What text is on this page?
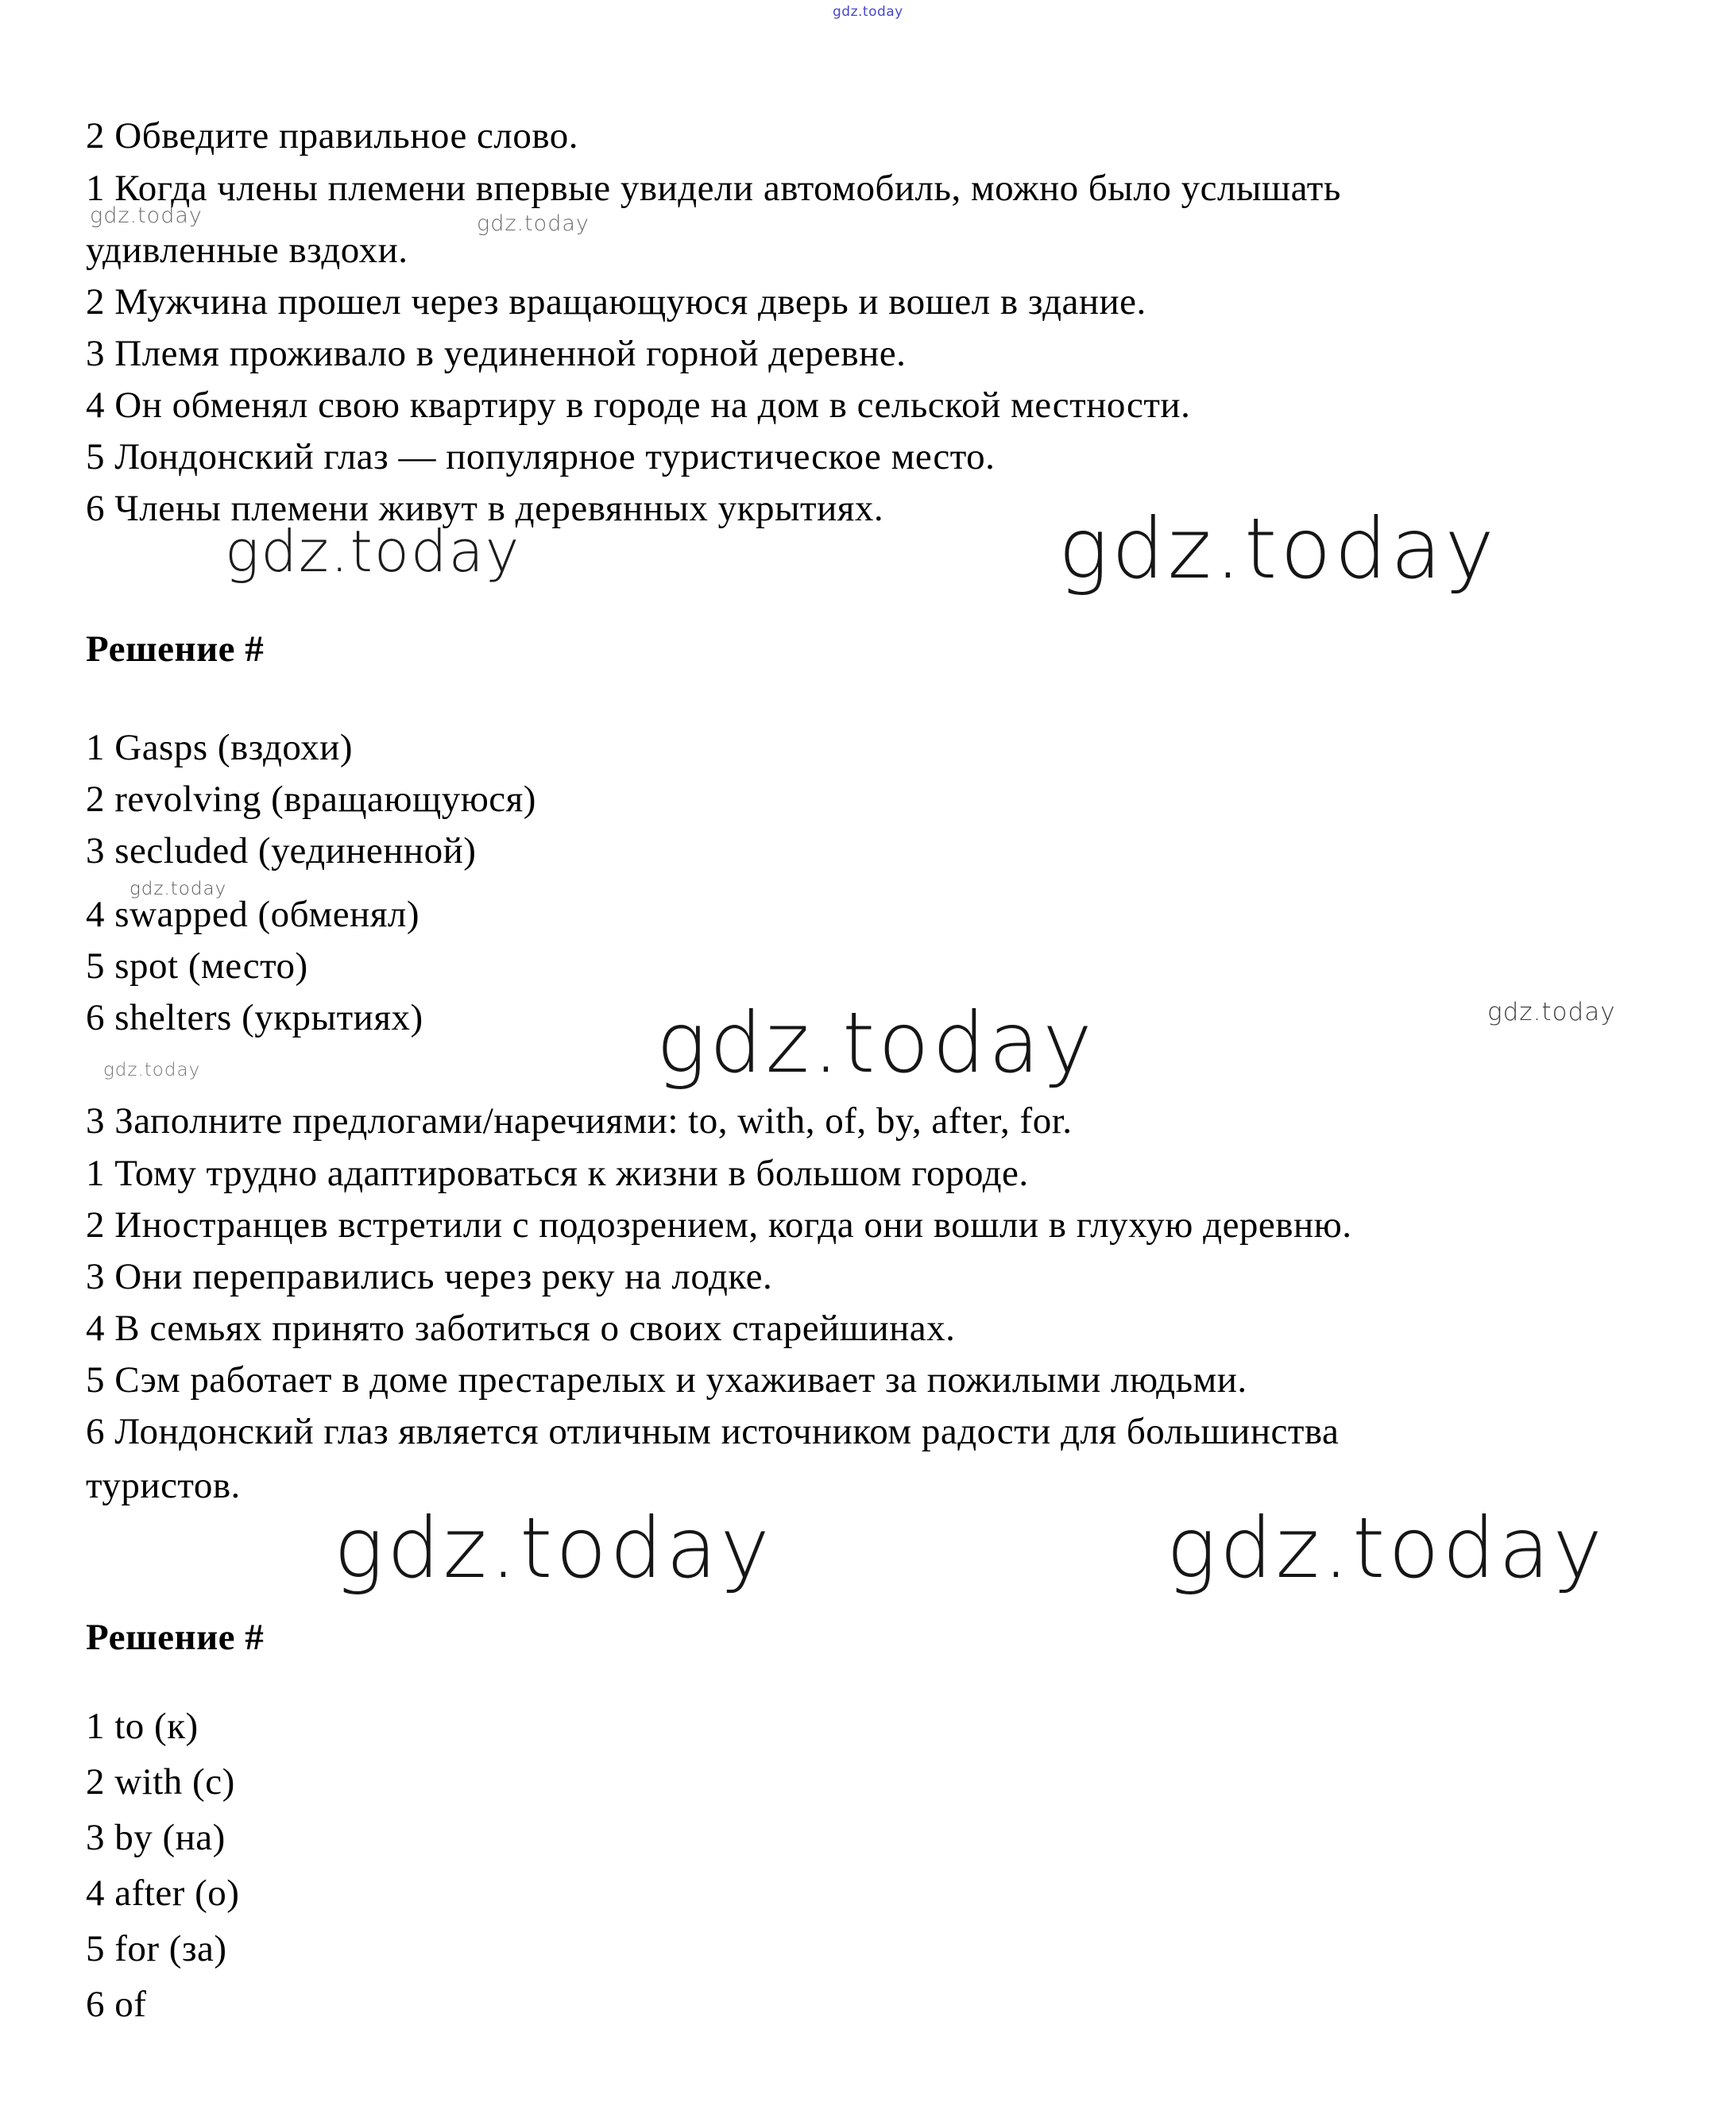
gdz.today
gdz.today	gdz.today
gdz.today	gdz.today
gdz.today
gdz.today	gdz.today
gdz.today
gdz.today	gdz.today
2 Обведите правильное слово.
1 Когда члены племени впервые увидели автомобиль, можно было услышать
удивленные вздохи.
2 Мужчина прошел через вращающуюся дверь и вошел в здание.
3 Племя проживало в уединенной горной деревне.
4 Он обменял свою квартиру в городе на дом в сельской местности.
5 Лондонский глаз — популярное туристическое место.
6 Члены племени живут в деревянных укрытиях.
Решение #
1 Gasps (вздохи)
2 revolving (вращающуюся)
3 secluded (уединенной)
4 swapped (обменял)
5 spot (место)
6 shelters (укрытиях)
3 Заполните предлогами/наречиями: to, with, of, by, after, for.
1 Тому трудно адаптироваться к жизни в большом городе.
2 Иностранцев встретили с подозрением, когда они вошли в глухую деревню.
3 Они переправились через реку на лодке.
4 В семьях принято заботиться о своих старейшинах.
5 Сэм работает в доме престарелых и ухаживает за пожилыми людьми.
6 Лондонский глаз является отличным источником радости для большинства
туристов.
Решение #
1 to (к)
2 with (с)
3 by (на)
4 after (о)
5 for (за)
6 of
